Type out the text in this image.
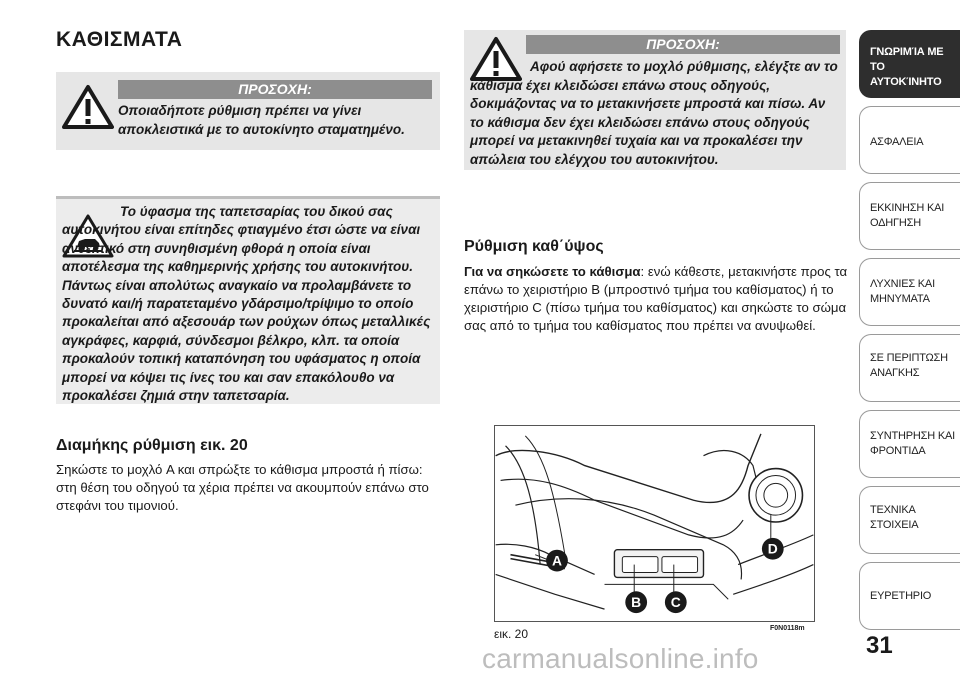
ΚΑΘΙΣΜΑΤΑ
ΠΡΟΣΟΧΗ:
Οποιαδήποτε ρύθμιση πρέπει να γίνει αποκλειστικά με το αυτοκίνητο σταματημένο.
Το ύφασμα της ταπετσαρίας του δικού σας αυτοκινήτου είναι επίτηδες φτιαγμένο έτσι ώστε να είναι ανθεκτικό στη συνηθισμένη φθορά η οποία είναι αποτέλεσμα της καθημερινής χρήσης του αυτοκινήτου. Πάντως είναι απολύτως αναγκαίο να προλαμβάνετε το δυνατό και/ή παρατεταμένο γδάρσιμο/τρίψιμο το οποίο προκαλείται από αξεσουάρ των ρούχων όπως μεταλλικές αγκράφες, καρφιά, σύνδεσμοι βέλκρο, κλπ. τα οποία προκαλούν τοπική καταπόνηση του υφάσματος η οποία μπορεί να κόψει τις ίνες του και σαν επακόλουθο να προκαλέσει ζημιά στην ταπετσαρία.
Διαμήκης ρύθμιση εικ. 20
Σηκώστε το μοχλό A και σπρώξτε το κάθισμα μπροστά ή πίσω: στη θέση του οδηγού τα χέρια πρέπει να ακουμπούν επάνω στο στεφάνι του τιμονιού.
ΠΡΟΣΟΧΗ:
Αφού αφήσετε το μοχλό ρύθμισης, ελέγξτε αν το κάθισμα έχει κλειδώσει επάνω στους οδηγούς, δοκιμάζοντας να το μετακινήσετε μπροστά και πίσω. Αν το κάθισμα δεν έχει κλειδώσει επάνω στους οδηγούς μπορεί να μετακινηθεί τυχαία και να προκαλέσει την απώλεια του ελέγχου του αυτοκινήτου.
Ρύθμιση καθ΄ύψος
Για να σηκώσετε το κάθισμα: ενώ κάθεστε, μετακινήστε προς τα επάνω το χειριστήριο B (μπροστινό τμήμα του καθίσματος) ή το χειριστήριο C (πίσω τμήμα του καθίσματος) και σηκώστε το σώμα σας από το τμήμα του καθίσματος που πρέπει να ανυψωθεί.
A
B C
D
εικ. 20	F0N0118m
31
ΓΝΩΡΙΜΊΑ ΜΕ ΤΟ ΑΥΤΟΚΊΝΗΤΟ
ΑΣΦΑΛΕΙΑ
ΕΚΚΙΝΗΣΗ ΚΑΙ ΟΔΗΓΗΣΗ
ΛΥΧΝΙΕΣ ΚΑΙ ΜΗΝΥΜΑΤΑ
ΣΕ ΠΕΡΙΠΤΩΣΗ ΑΝΑΓΚΗΣ
ΣΥΝΤΗΡΗΣΗ ΚΑΙ ΦΡΟΝΤΙΔΑ
ΤΕΧΝΙΚΑ ΣΤΟΙΧΕΙΑ
ΕΥΡΕΤΗΡΙΟ
carmanualsonline.info
